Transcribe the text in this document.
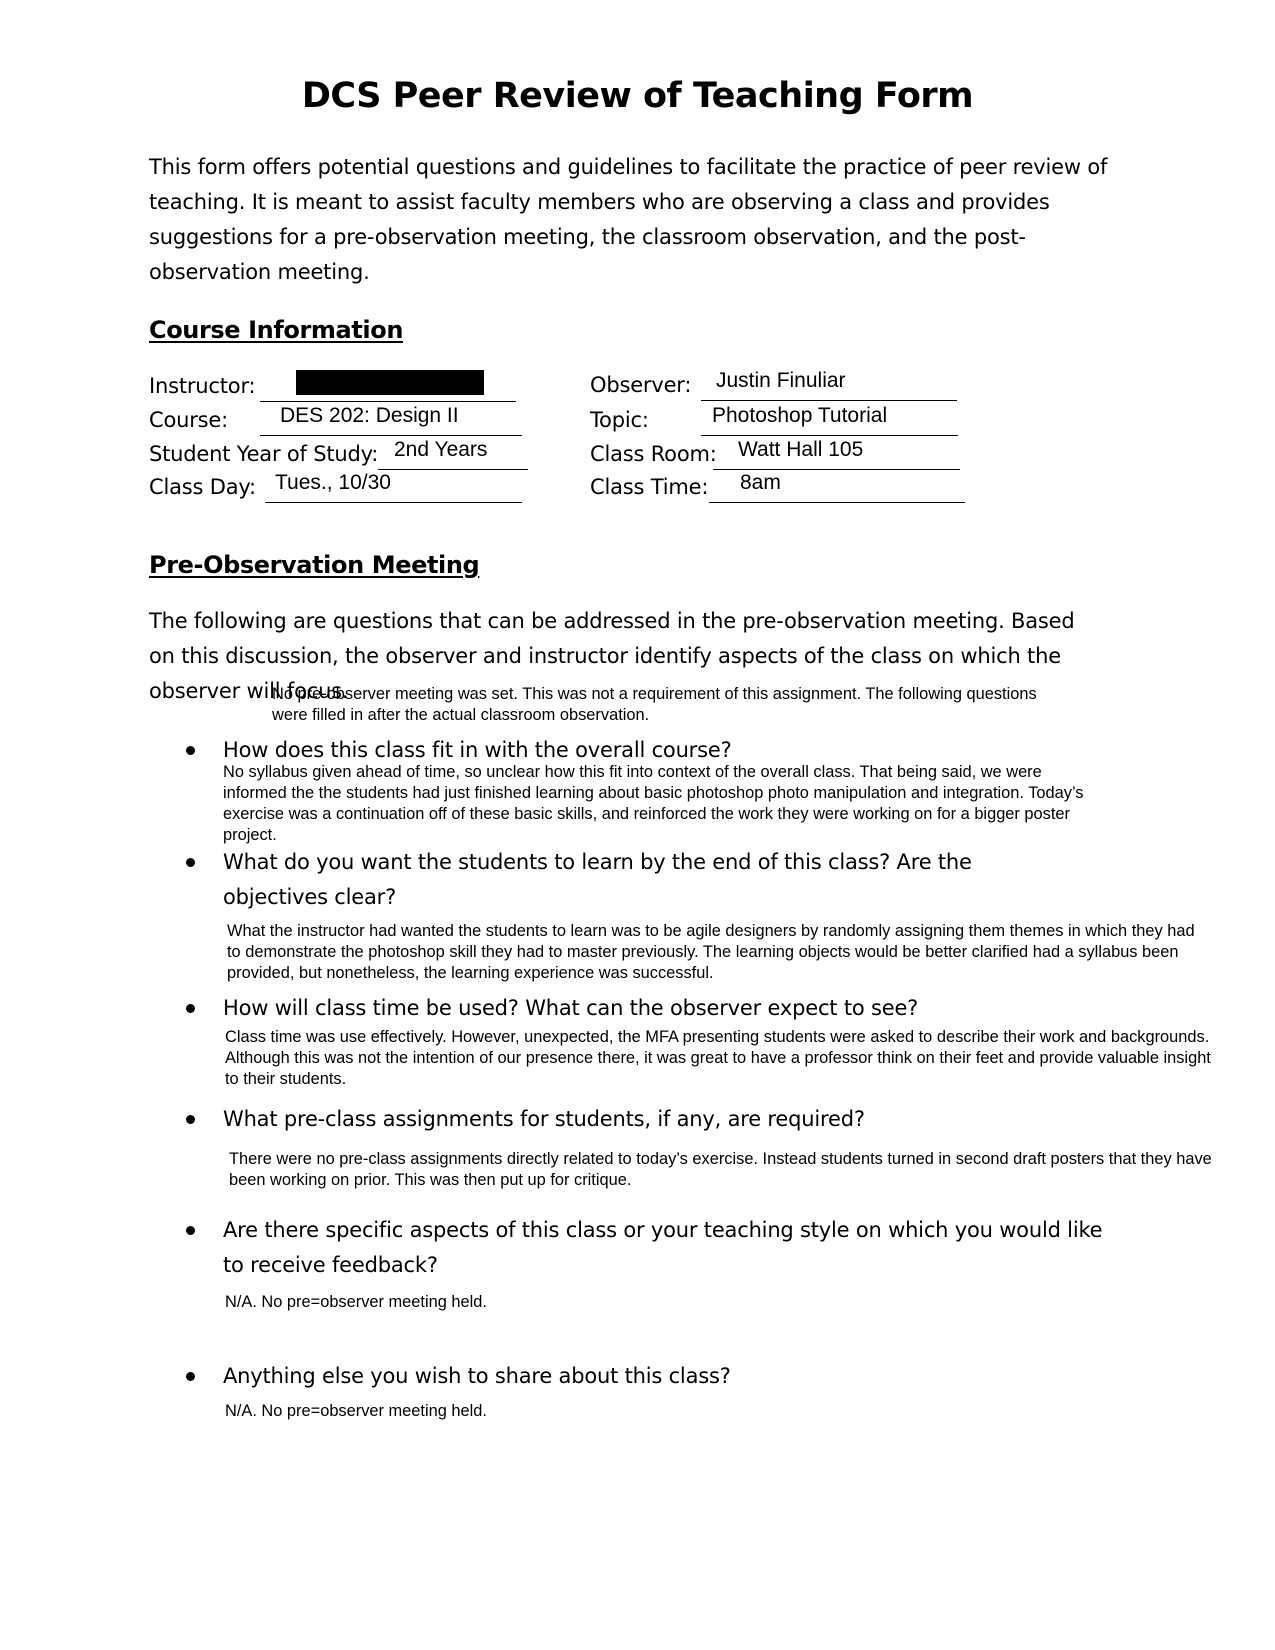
DCS Peer Review of Teaching Form
This form offers potential questions and guidelines to facilitate the practice of peer review of teaching. It is meant to assist faculty members who are observing a class and provides suggestions for a pre-observation meeting, the classroom observation, and the post-observation meeting.
Course Information
Instructor:
Course: DES 202: Design II
Student Year of Study: 2nd Years
Class Day: Tues., 10/30
Observer: Justin Finuliar
Topic:	Photoshop Tutorial
Class Room: Watt Hall 105
Class Time: 8am
Pre-Observation Meeting
The following are questions that can be addressed in the pre-observation meeting. Based on this discussion, the observer and instructor identify aspects of the class on which the observer will focus.
No pre-observer meeting was set. This was not a requirement of this assignment. The following questions were filled in after the actual classroom observation.
How does this class fit in with the overall course?
No syllabus given ahead of time, so unclear how this fit into context of the overall class. That being said, we were informed the the students had just finished learning about basic photoshop photo manipulation and integration. Today’s exercise was a continuation off of these basic skills, and reinforced the work they were working on for a bigger poster project.
What do you want the students to learn by the end of this class? Are the objectives clear?
What the instructor had wanted the students to learn was to be agile designers by randomly assigning them themes in which they had to demonstrate the photoshop skill they had to master previously. The learning objects would be better clarified had a syllabus been provided, but nonetheless, the learning experience was successful.
How will class time be used? What can the observer expect to see?
Class time was use effectively. However, unexpected, the MFA presenting students were asked to describe their work and backgrounds. Although this was not the intention of our presence there, it was great to have a professor think on their feet and provide valuable insight to their students.
What pre-class assignments for students, if any, are required?
There were no pre-class assignments directly related to today’s exercise. Instead students turned in second draft posters that they have been working on prior. This was then put up for critique.
Are there specific aspects of this class or your teaching style on which you would like to receive feedback?
N/A. No pre=observer meeting held.
Anything else you wish to share about this class?
N/A. No pre=observer meeting held.
